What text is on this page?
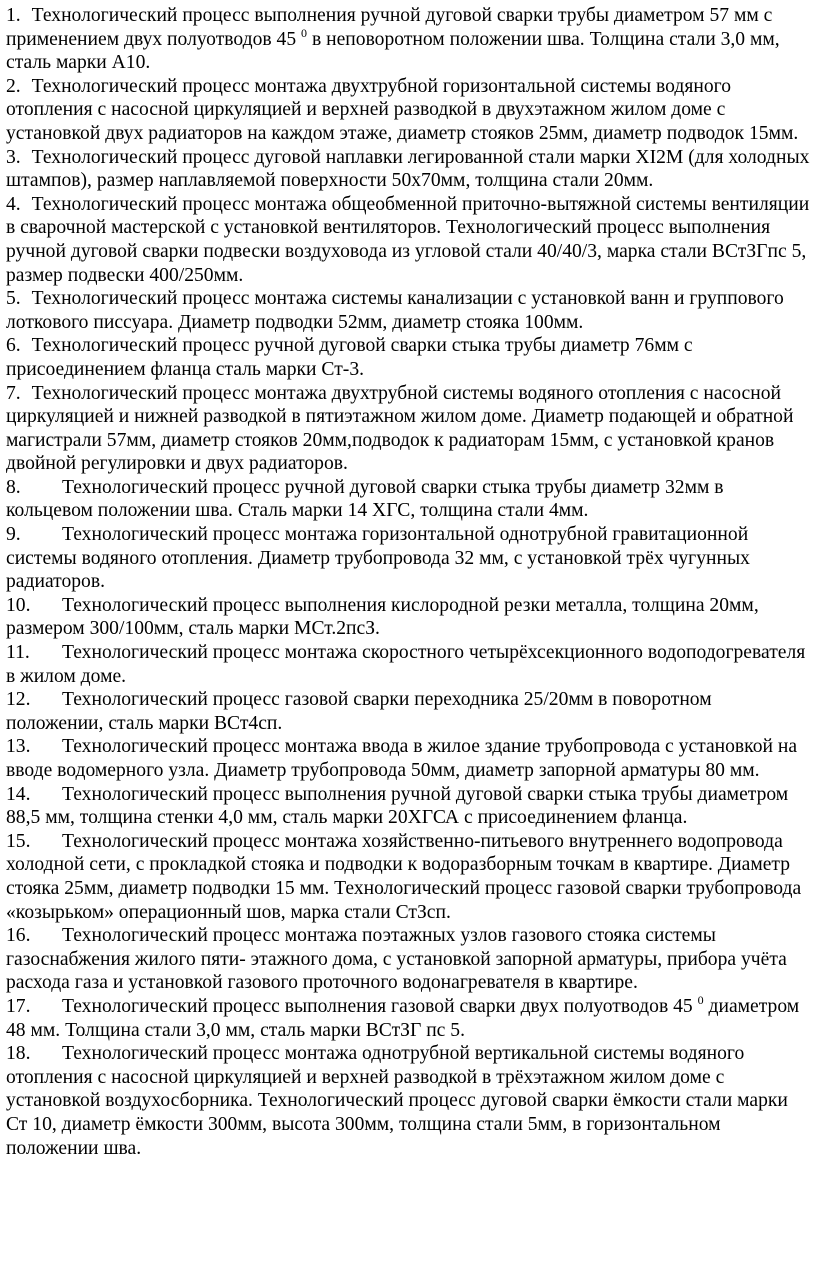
1. Технологический процесс выполнения ручной дуговой сварки трубы диаметром 57 мм с применением двух полуотводов 45 $^0$ в неповоротном положении шва. Толщина стали 3,0 мм, сталь марки А10.

2. Технологический процесс монтажа двухтрубной горизонтальной системы водяного отопления с насосной циркуляцией и верхней разводкой в двухэтажном жилом доме с установкой двух радиаторов на каждом этаже, диаметр стояков 25мм, диаметр подводок 15мм.

3. Технологический процесс дуговой наплавки легированной стали марки XI2M (для холодных штампов), размер наплавляемой поверхности 50x70мм, толщина стали 20мм.

4. Технологический процесс монтажа общеобменной приточно-вытяжной системы вентиляции в сварочной мастерской с установкой вентиляторов. Технологический процесс выполнения ручной дуговой сварки подвески воздуховода из угловой стали 40/40/3, марка стали ВСтЗГпс 5, размер подвески 400/250мм.

5. Технологический процесс монтажа системы канализации с установкой ванн и группового лоткового писсуара. Диаметр подводки 52мм, диаметр стояка 100мм.

6. Технологический процесс ручной дуговой сварки стыка трубы диаметр 76мм с присоединением фланца сталь марки Ст-3.

7. Технологический процесс монтажа двухтрубной системы водяного отопления с насосной циркуляцией и нижней разводкой в пятиэтажном жилом доме. Диаметр подающей и обратной магистрали 57мм, диаметр стояков 20мм,подводок к радиаторам 15мм, с установкой кранов двойной регулировки и двух радиаторов.

8. Технологический процесс ручной дуговой сварки стыка трубы диаметр 32мм в кольцевом положении шва. Сталь марки 14 ХГС, толщина стали 4мм.

9. Технологический процесс монтажа горизонтальной однотрубной гравитационной системы водяного отопления. Диаметр трубопровода 32 мм, с установкой трёх чугунных радиаторов.

10. Технологический процесс выполнения кислородной резки металла, толщина 20мм, размером 300/100мм, сталь марки МСт.2псЗ.

11. Технологический процесс монтажа скоростного четырёхсекционного водоподогревателя в жилом доме.

12. Технологический процесс газовой сварки переходника 25/20мм в поворотном положении, сталь марки ВСт4сп.

13. Технологический процесс монтажа ввода в жилое здание трубопровода с установкой на вводе водомерного узла. Диаметр трубопровода 50мм, диаметр запорной арматуры 80 мм.

14. Технологический процесс выполнения ручной дуговой сварки стыка трубы диаметром 88,5 мм, толщина стенки 4,0 мм, сталь марки 20ХГСА с присоединением фланца.

15. Технологический процесс монтажа хозяйственно-питьевого внутреннего водопровода холодной сети, с прокладкой стояка и подводки к водоразборным точкам в квартире. Диаметр стояка 25мм, диаметр подводки 15 мм. Технологический процесс газовой сварки трубопровода «козырьком» операционный шов, марка стали СтЗсп.

16. Технологический процесс монтажа поэтажных узлов газового стояка системы газоснабжения жилого пяти- этажного дома, с установкой запорной арматуры, прибора учёта расхода газа и установкой газового проточного водонагревателя в квартире.

17. Технологический процесс выполнения газовой сварки двух полуотводов 45 $^0$ диаметром 48 мм. Толщина стали 3,0 мм, сталь марки ВСтЗГ пс 5.

18. Технологический процесс монтажа однотрубной вертикальной системы водяного отопления с насосной циркуляцией и верхней разводкой в трёхэтажном жилом доме с установкой воздухосборника. Технологический процесс дуговой сварки ёмкости стали марки Ст 10, диаметр ёмкости 300мм, высота 300мм, толщина стали 5мм, в горизонтальном положении шва.
